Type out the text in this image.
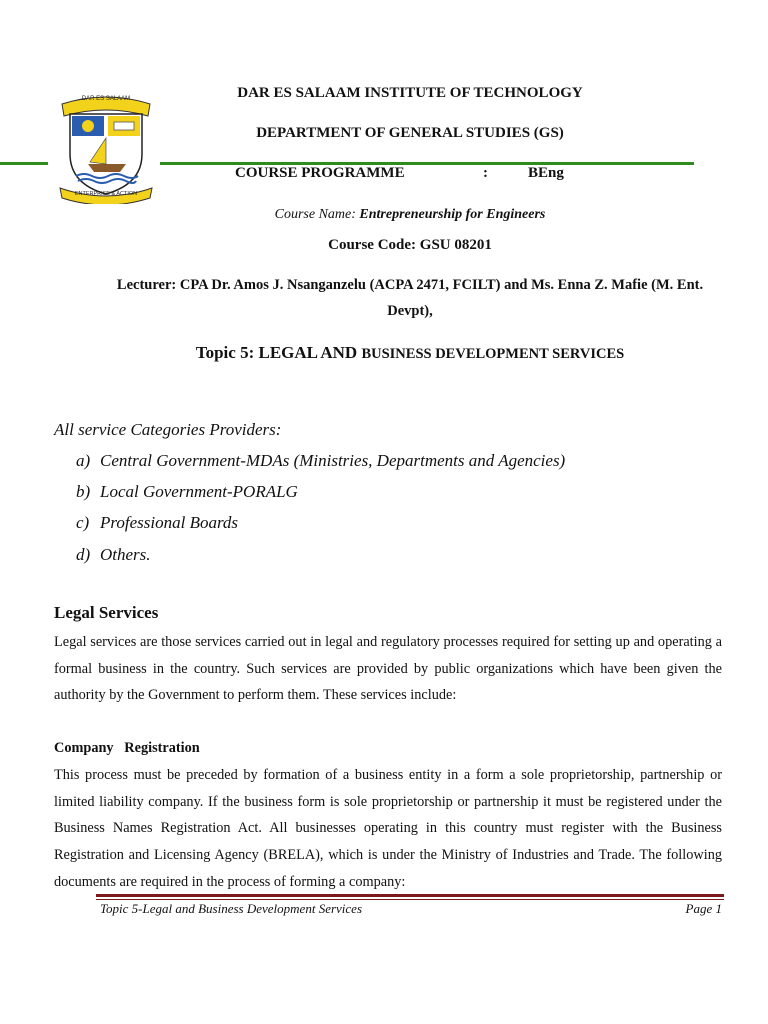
DAR ES SALAAM
ENTERPRISE & ACTION
DAR ES SALAAM INSTITUTE OF TECHNOLOGY
DEPARTMENT OF GENERAL STUDIES (GS)
COURSE PROGRAMME	:	BEng
Course Name: Entrepreneurship for Engineers
Course Code: GSU 08201
Lecturer: CPA Dr. Amos J. Nsanganzelu (ACPA 2471, FCILT) and Ms. Enna Z. Mafie (M. Ent.
Devpt),
Topic 5: LEGAL AND BUSINESS DEVELOPMENT SERVICES
All service Categories Providers:
a) Central Government-MDAs (Ministries, Departments and Agencies)
b) Local Government-PORALG
c) Professional Boards
d) Others.
Legal Services
Legal services are those services carried out in legal and regulatory processes required for setting up and operating a formal business in the country. Such services are provided by public organizations which have been given the authority by the Government to perform them. These services include:
Company   Registration
This process must be preceded by formation of a business entity in a form a sole proprietorship, partnership or limited liability company. If the business form is sole proprietorship or partnership it must be registered under the Business Names Registration Act. All businesses operating in this country must register with the Business Registration and Licensing Agency (BRELA), which is under the Ministry of Industries and Trade. The following documents are required in the process of forming a company:
Topic 5-Legal and Business Development Services	Page 1
